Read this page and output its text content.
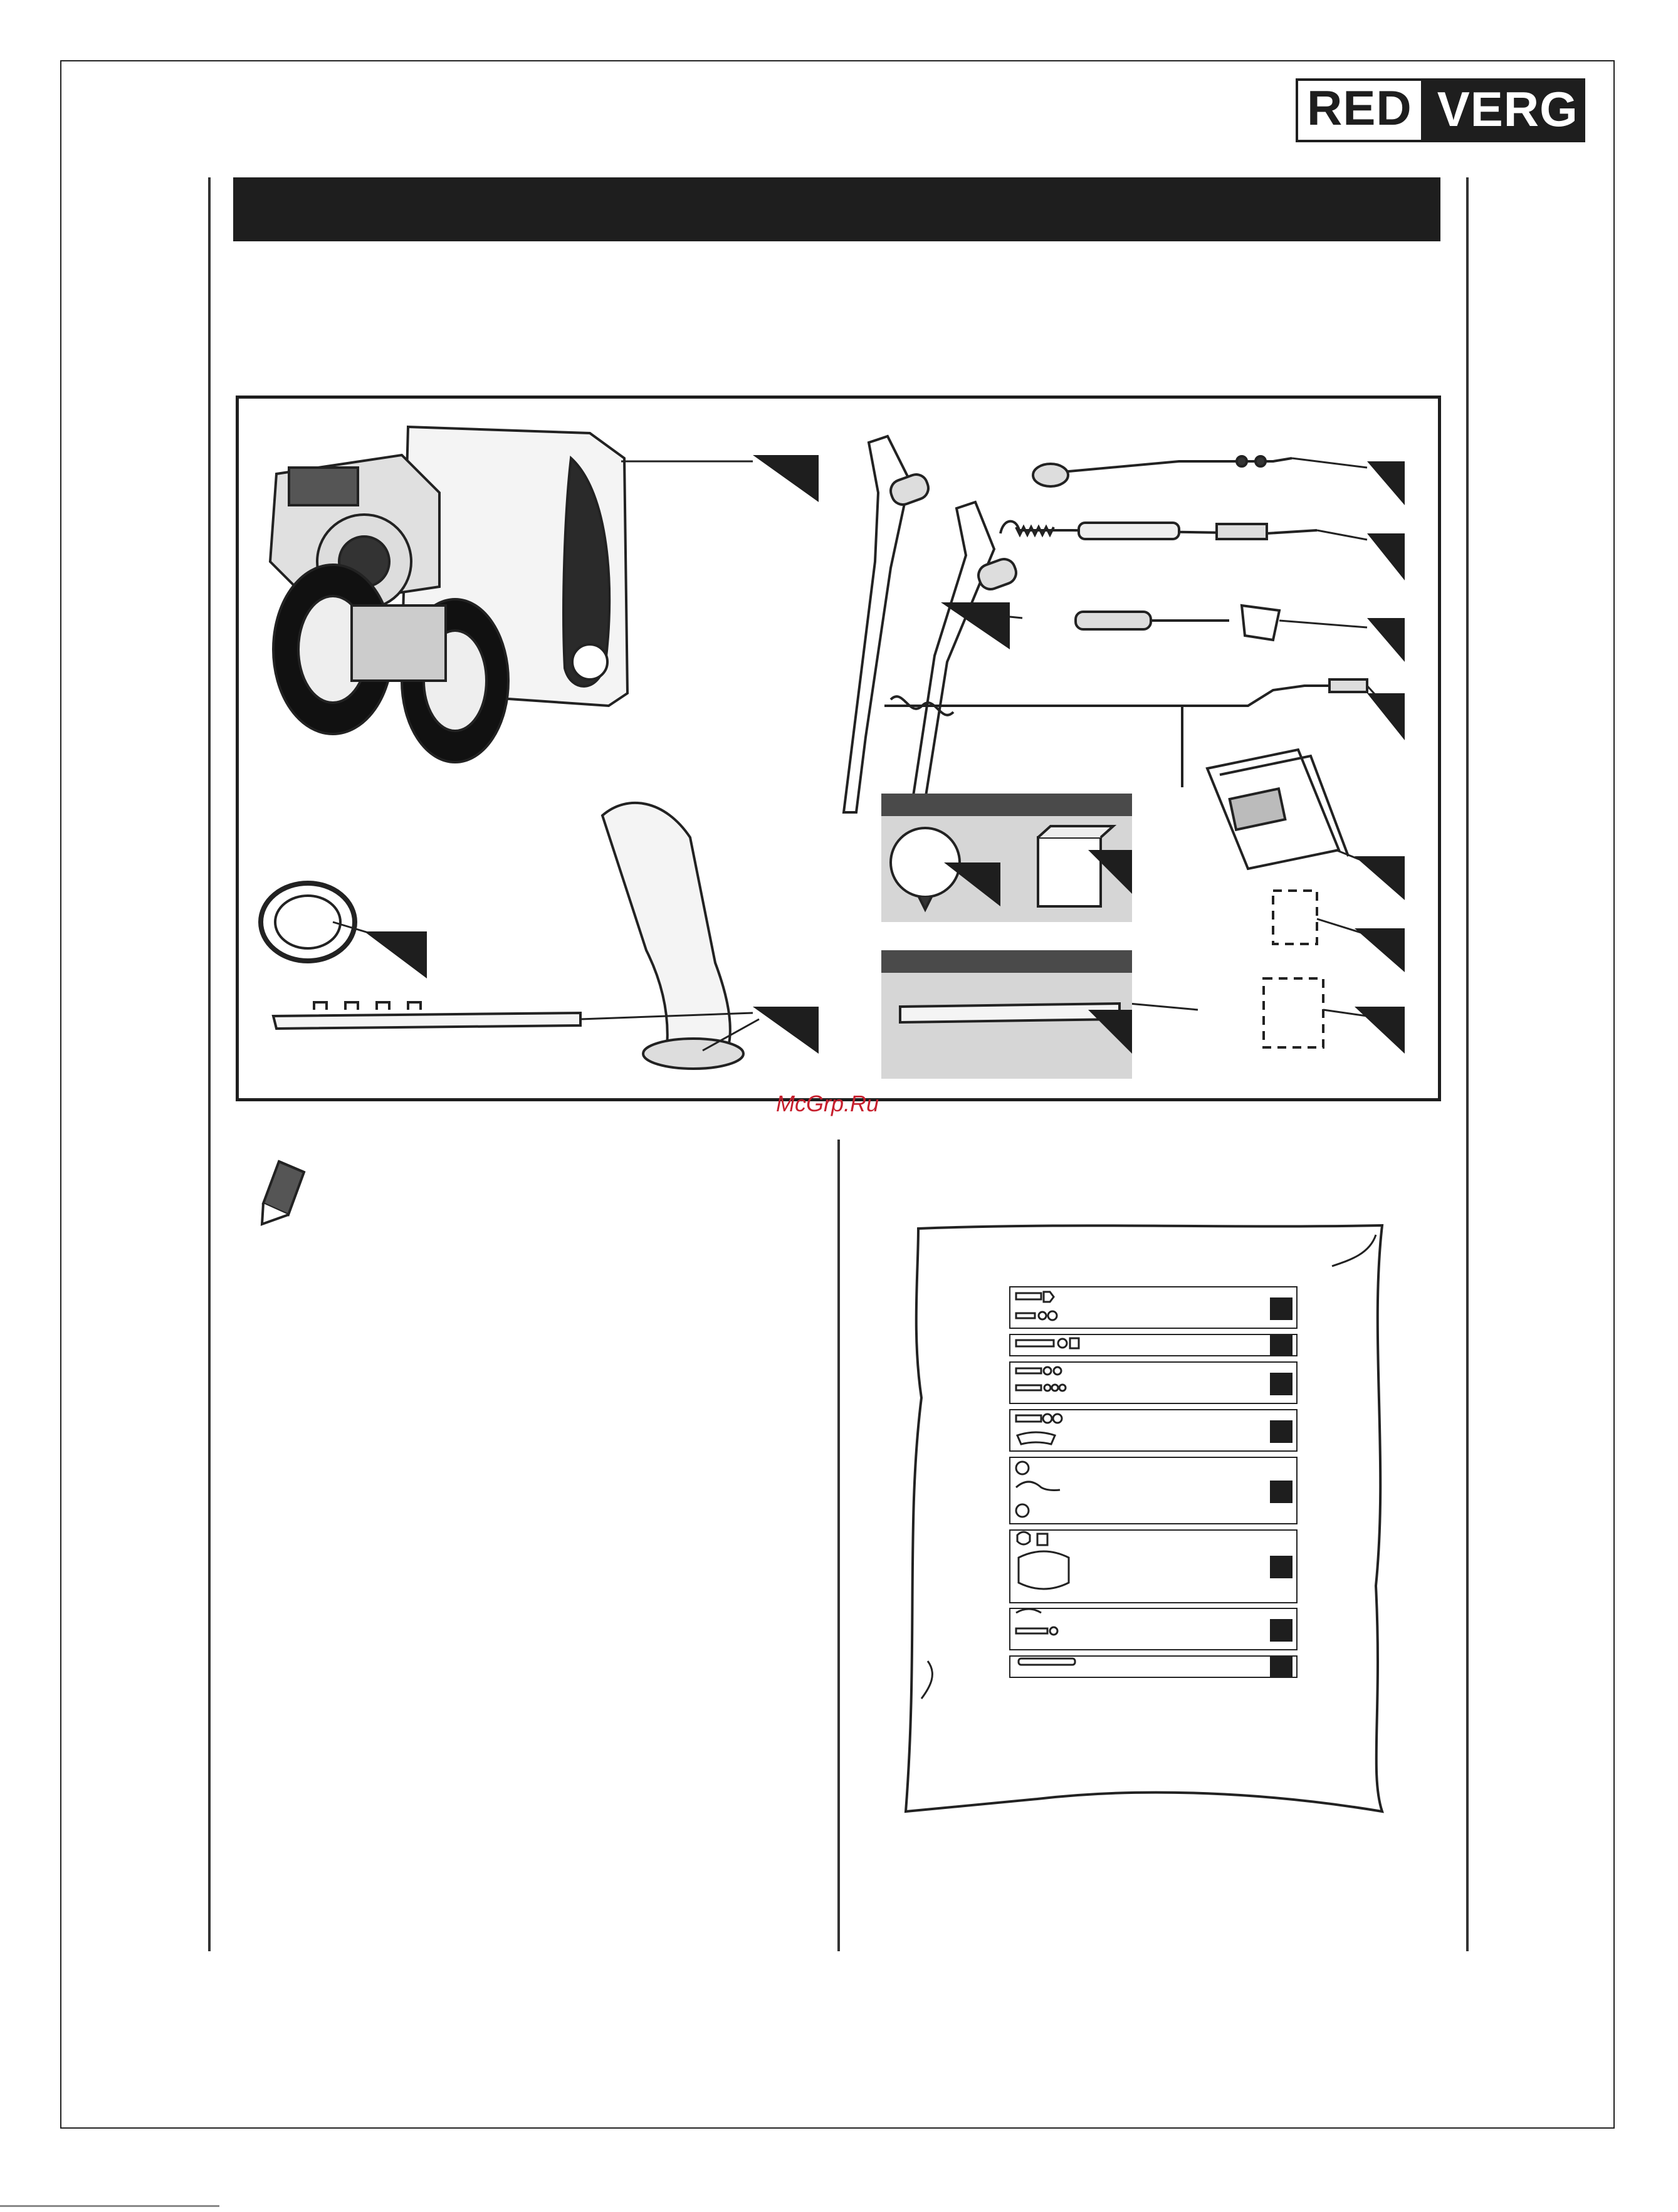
RED VERG
McGrp.Ru
